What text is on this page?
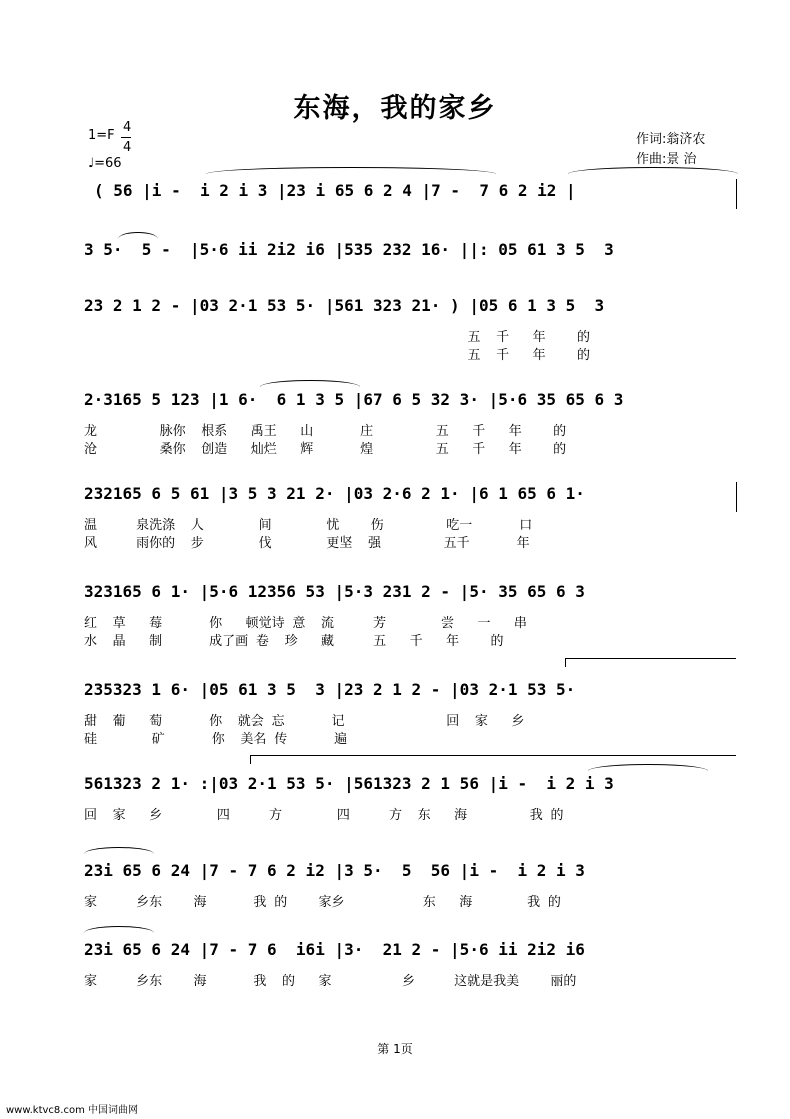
东海，我的家乡
1=F
4
4
♩=66
作词:翁济农
作曲:景 治
( 56 |i -  i 2 i 3 |23 i 65 6 2 4 |7 -  7 6 2 i2 |
3 5·  5 -  |5·6 ii 2i2 i6 |535 232 16· ||: 05 61 3 5  3
23 2 1 2 - |03 2·1 53 5· |561 323 21· ) |05 6 1 3 5  3
五  千   年    的
五  千   年    的
2·3165 5 123 |1 6·  6 1 3 5 |67 6 5 32 3· |5·6 35 65 6 3
龙        脉你  根系   禹王   山      庄        五   千   年    的
沧        桑你  创造   灿烂   辉      煌        五   千   年    的
232165 6 5 61 |3 5 3 21 2· |03 2·6 2 1· |6 1 65 6 1·
温     泉洗涤  人       间       忧    伤        吃一      口
风     雨你的  步       伐       更坚  强        五千      年
323165 6 1· |5·6 12356 53 |5·3 231 2 - |5· 35 65 6 3
红  草   莓      你   顿觉诗 意  流     芳       尝   一   串
水  晶   制      成了画 卷  珍   藏     五   千   年    的
235323 1 6· |05 61 3 5  3 |23 2 1 2 - |03 2·1 53 5·
甜  葡   萄      你  就会 忘      记             回  家   乡
硅       矿      你  美名 传      遍
561323 2 1· :|03 2·1 53 5· |561323 2 1 56 |i -  i 2 i 3
回  家   乡       四     方       四     方  东   海        我 的
23i 65 6 24 |7 - 7 6 2 i2 |3 5·  5  56 |i -  i 2 i 3
家     乡东    海      我 的    家乡          东   海       我 的
23i 65 6 24 |7 - 7 6  i6i |3·  21 2 - |5·6 ii 2i2 i6
家     乡东    海      我  的   家         乡     这就是我美    丽的
第 1页
www.ktvc8.com 中国词曲网
